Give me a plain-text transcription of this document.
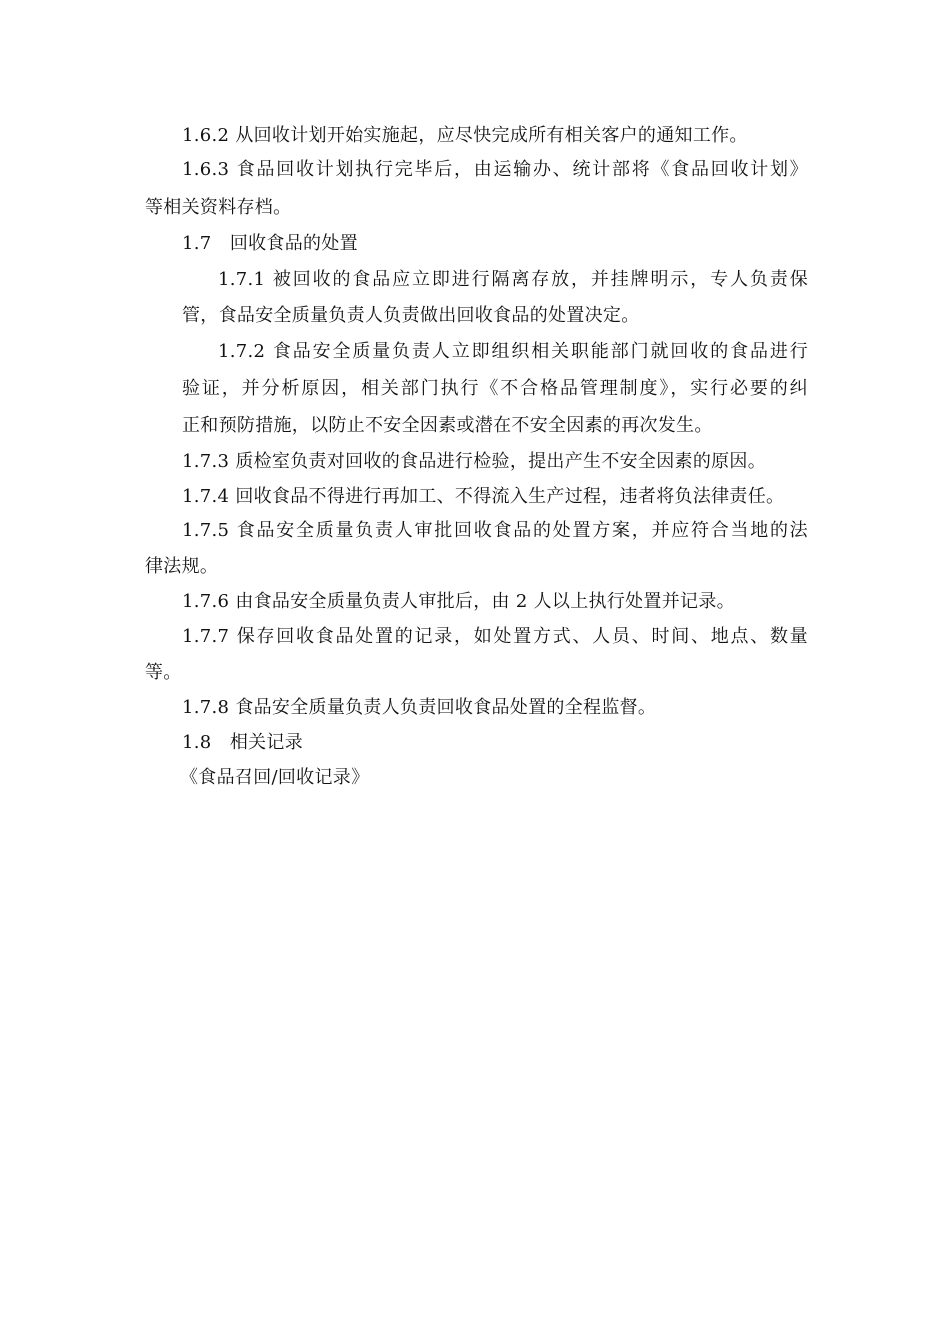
1.6.2 从回收计划开始实施起，应尽快完成所有相关客户的通知工作。
1.6.3 食品回收计划执行完毕后，由运输办、统计部将《食品回收计划》
等相关资料存档。
1.7　回收食品的处置
1.7.1 被回收的食品应立即进行隔离存放，并挂牌明示，专人负责保
管，食品安全质量负责人负责做出回收食品的处置决定。
1.7.2 食品安全质量负责人立即组织相关职能部门就回收的食品进行
验证，并分析原因，相关部门执行《不合格品管理制度》，实行必要的纠
正和预防措施，以防止不安全因素或潜在不安全因素的再次发生。
1.7.3 质检室负责对回收的食品进行检验，提出产生不安全因素的原因。
1.7.4 回收食品不得进行再加工、不得流入生产过程，违者将负法律责任。
1.7.5 食品安全质量负责人审批回收食品的处置方案，并应符合当地的法
律法规。
1.7.6 由食品安全质量负责人审批后，由 2 人以上执行处置并记录。
1.7.7 保存回收食品处置的记录，如处置方式、人员、时间、地点、数量
等。
1.7.8 食品安全质量负责人负责回收食品处置的全程监督。
1.8　相关记录
《食品召回/回收记录》
